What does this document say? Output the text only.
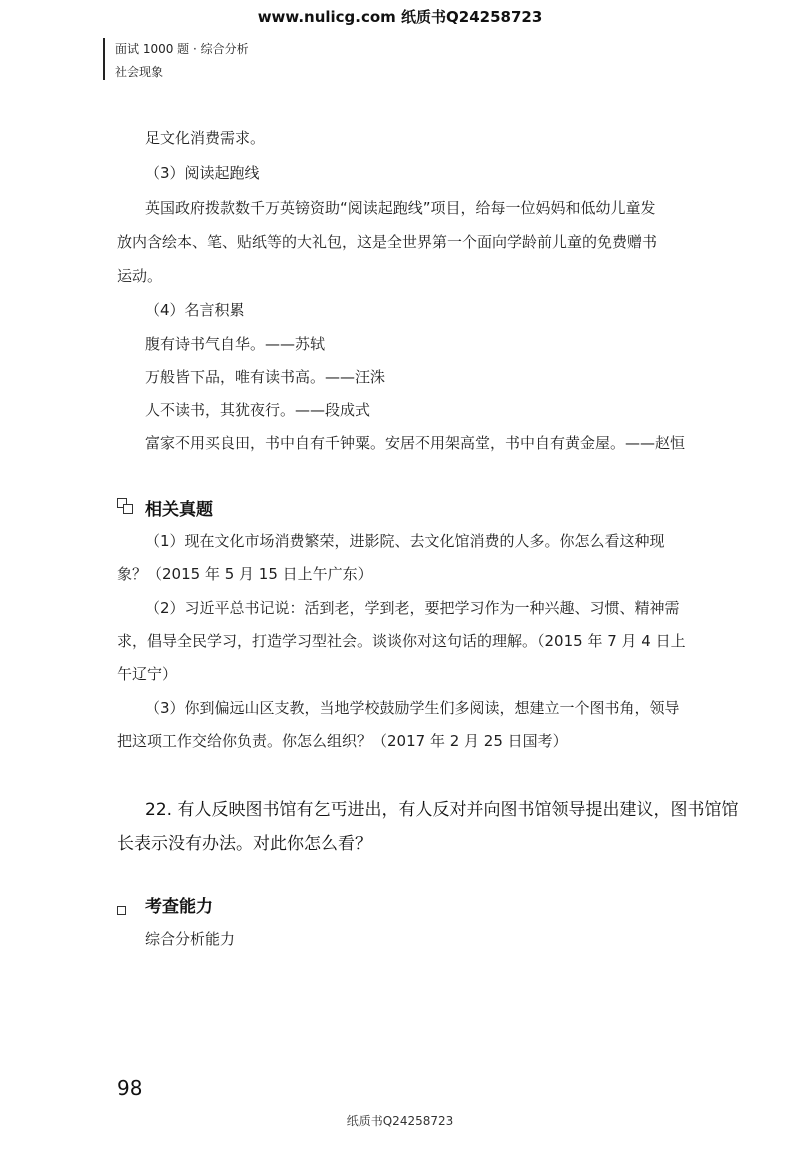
www.nulicg.com 纸质书Q24258723
面试 1000 题 · 综合分析
社会现象
足文化消费需求。
（3）阅读起跑线
英国政府拨款数千万英镑资助“阅读起跑线”项目，给每一位妈妈和低幼儿童发
放内含绘本、笔、贴纸等的大礼包，这是全世界第一个面向学龄前儿童的免费赠书
运动。
（4）名言积累
腹有诗书气自华。——苏轼
万般皆下品，唯有读书高。——汪洙
人不读书，其犹夜行。——段成式
富家不用买良田，书中自有千钟粟。安居不用架高堂，书中自有黄金屋。——赵恒
相关真题
（1）现在文化市场消费繁荣，进影院、去文化馆消费的人多。你怎么看这种现
象？（2015 年 5 月 15 日上午广东）
（2）习近平总书记说：活到老，学到老，要把学习作为一种兴趣、习惯、精神需
求，倡导全民学习，打造学习型社会。谈谈你对这句话的理解。（2015 年 7 月 4 日上
午辽宁）
（3）你到偏远山区支教，当地学校鼓励学生们多阅读，想建立一个图书角，领导
把这项工作交给你负责。你怎么组织？（2017 年 2 月 25 日国考）
22. 有人反映图书馆有乞丐进出，有人反对并向图书馆领导提出建议，图书馆馆
长表示没有办法。对此你怎么看？
考查能力
综合分析能力
98
纸质书Q24258723
